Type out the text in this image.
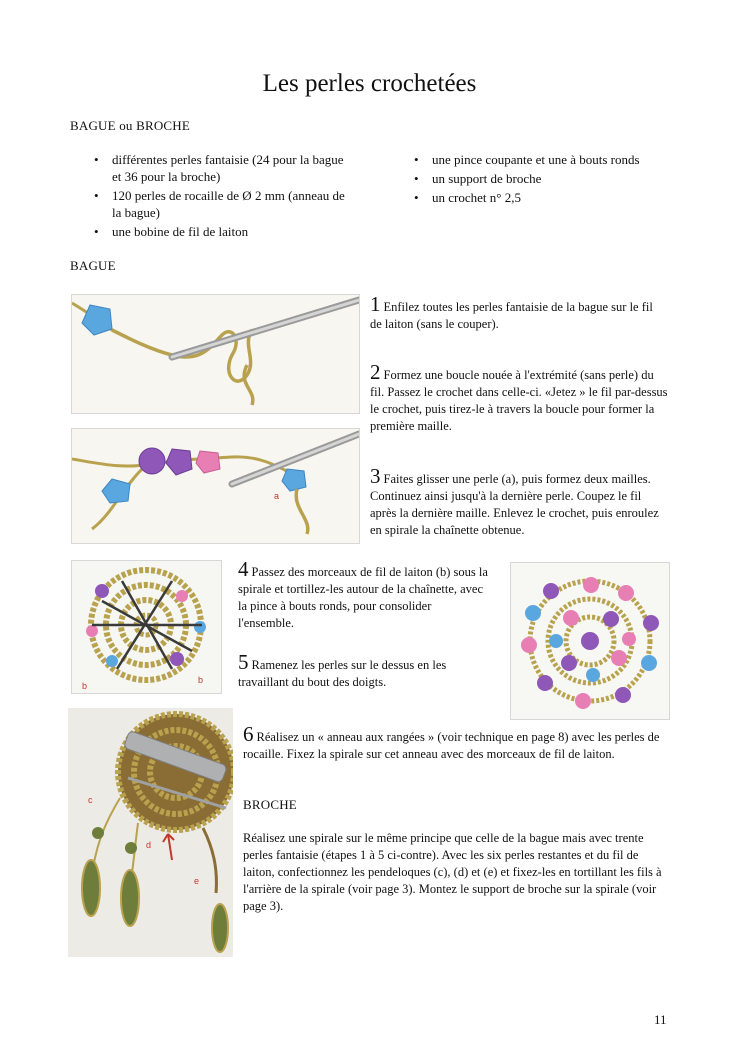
Les perles crochetées
BAGUE ou BROCHE
• différentes perles fantaisie (24 pour la bague et 36 pour la broche)
• 120 perles de rocaille de Ø 2 mm (anneau de la bague)
• une bobine de fil de laiton
• une pince coupante et une à bouts ronds
• un support de broche
• un crochet n° 2,5
BAGUE
a
1 Enfilez toutes les perles fantaisie de la bague sur le fil de laiton (sans le couper).
2 Formez une boucle nouée à l'extrémité (sans perle) du fil. Passez le crochet dans celle-ci. «Jetez » le fil par-dessus le crochet, puis tirez-le à travers la boucle pour former la première maille.
3 Faites glisser une perle (a), puis formez deux mailles. Continuez ainsi jusqu'à la dernière perle. Coupez le fil après la dernière maille. Enlevez le crochet, puis enroulez en spirale la chaînette obtenue.
b
b
4 Passez des morceaux de fil de laiton (b) sous la spirale et tortillez-les autour de la chaînette, avec la pince à bouts ronds, pour consolider l'ensemble.
5 Ramenez les perles sur le dessus en les travaillant du bout des doigts.
c
d
e
6 Réalisez un « anneau aux rangées » (voir technique en page 8) avec les perles de rocaille. Fixez la spirale sur cet anneau avec des morceaux de fil de laiton.
BROCHE
Réalisez une spirale sur le même principe que celle de la bague mais avec trente perles fantaisie (étapes 1 à 5 ci-contre). Avec les six perles restantes et du fil de laiton, confectionnez les pendeloques (c), (d) et (e) et fixez-les en tortillant les fils à l'arrière de la spirale (voir page 3). Montez le support de broche sur la spirale (voir page 3).
11
